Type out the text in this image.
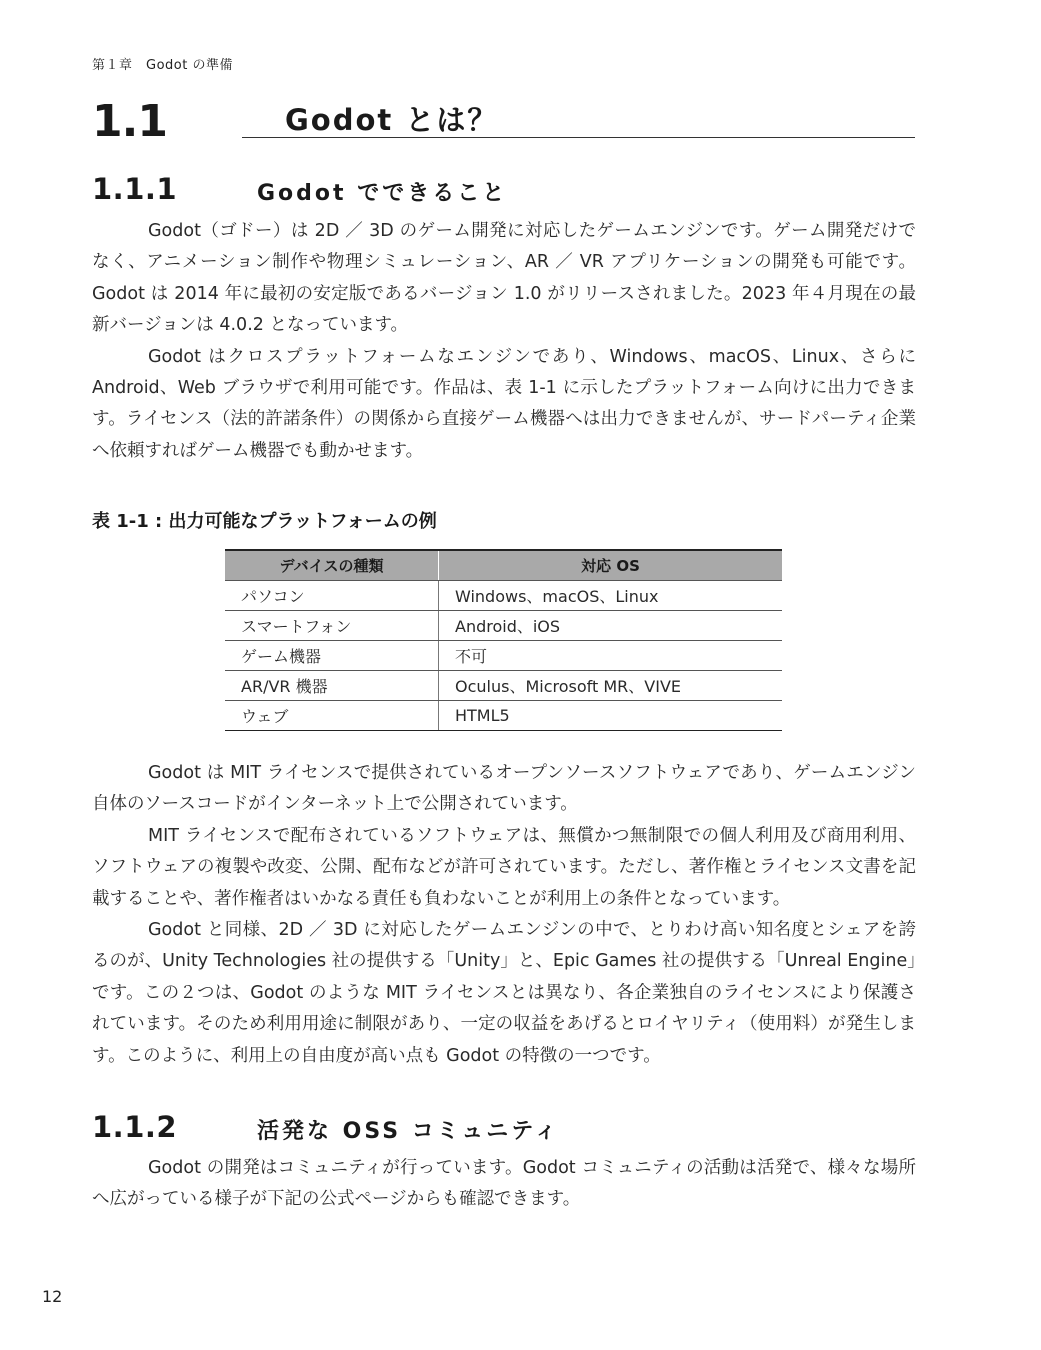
第１章　Godot の準備
1.1	Godot とは？
1.1.1	Godot でできること

Godot（ゴドー）は 2D ／ 3D のゲーム開発に対応したゲームエンジンです。ゲーム開発だけでなく、アニメーション制作や物理シミュレーション、AR ／ VR アプリケーションの開発も可能です。Godot は 2014 年に最初の安定版であるバージョン 1.0 がリリースされました。2023 年４月現在の最新バージョンは 4.0.2 となっています。

Godot はクロスプラットフォームなエンジンであり、Windows、macOS、Linux、さらに Android、Web ブラウザで利用可能です。作品は、表 1-1 に示したプラットフォーム向けに出力できます。ライセンス（法的許諾条件）の関係から直接ゲーム機器へは出力できませんが、サードパーティ企業へ依頼すればゲーム機器でも動かせます。

表 1-1 : 出力可能なプラットフォームの例
デバイスの種類	対応 OS
パソコン	Windows、macOS、Linux
スマートフォン	Android、iOS
ゲーム機器	不可
AR/VR 機器	Oculus、Microsoft MR、VIVE
ウェブ	HTML5

Godot は MIT ライセンスで提供されているオープンソースソフトウェアであり、ゲームエンジン自体のソースコードがインターネット上で公開されています。

MIT ライセンスで配布されているソフトウェアは、無償かつ無制限での個人利用及び商用利用、ソフトウェアの複製や改変、公開、配布などが許可されています。ただし、著作権とライセンス文書を記載することや、著作権者はいかなる責任も負わないことが利用上の条件となっています。

Godot と同様、2D ／ 3D に対応したゲームエンジンの中で、とりわけ高い知名度とシェアを誇るのが、Unity Technologies 社の提供する「Unity」と、Epic Games 社の提供する「Unreal Engine」です。この２つは、Godot のような MIT ライセンスとは異なり、各企業独自のライセンスにより保護されています。そのため利用用途に制限があり、一定の収益をあげるとロイヤリティ（使用料）が発生します。このように、利用上の自由度が高い点も Godot の特徴の一つです。

1.1.2	活発な OSS コミュニティ

Godot の開発はコミュニティが行っています。Godot コミュニティの活動は活発で、様々な場所へ広がっている様子が下記の公式ページからも確認できます。

12
